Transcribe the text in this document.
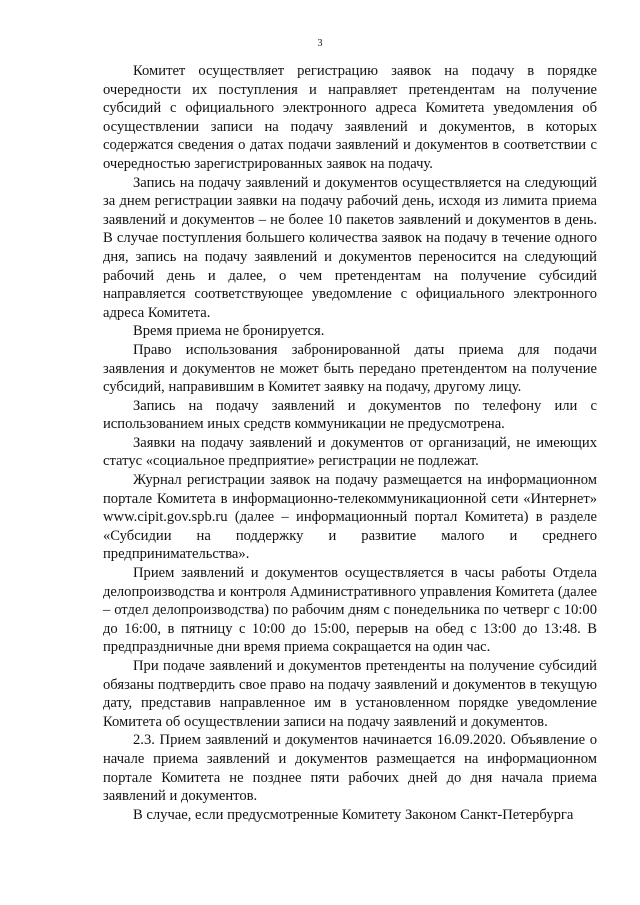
3

Комитет осуществляет регистрацию заявок на подачу в порядке очередности их поступления и направляет претендентам на получение субсидий с официального электронного адреса Комитета уведомления об осуществлении записи на подачу заявлений и документов, в которых содержатся сведения о датах подачи заявлений и документов в соответствии с очередностью зарегистрированных заявок на подачу.

Запись на подачу заявлений и документов осуществляется на следующий за днем регистрации заявки на подачу рабочий день, исходя из лимита приема заявлений и документов – не более 10 пакетов заявлений и документов в день. В случае поступления большего количества заявок на подачу в течение одного дня, запись на подачу заявлений и документов переносится на следующий рабочий день и далее, о чем претендентам на получение субсидий направляется соответствующее уведомление с официального электронного адреса Комитета.

Время приема не бронируется.

Право использования забронированной даты приема для подачи заявления и документов не может быть передано претендентом на получение субсидий, направившим в Комитет заявку на подачу, другому лицу.

Запись на подачу заявлений и документов по телефону или с использованием иных средств коммуникации не предусмотрена.

Заявки на подачу заявлений и документов от организаций, не имеющих статус «социальное предприятие» регистрации не подлежат.

Журнал регистрации заявок на подачу размещается на информационном портале Комитета в информационно-телекоммуникационной сети «Интернет» www.cipit.gov.spb.ru (далее – информационный портал Комитета) в разделе «Субсидии на поддержку и развитие малого и среднего предпринимательства».

Прием заявлений и документов осуществляется в часы работы Отдела делопроизводства и контроля Административного управления Комитета (далее – отдел делопроизводства) по рабочим дням с понедельника по четверг с 10:00 до 16:00, в пятницу с 10:00 до 15:00, перерыв на обед с 13:00 до 13:48. В предпраздничные дни время приема сокращается на один час.

При подаче заявлений и документов претенденты на получение субсидий обязаны подтвердить свое право на подачу заявлений и документов в текущую дату, представив направленное им в установленном порядке уведомление Комитета об осуществлении записи на подачу заявлений и документов.

2.3. Прием заявлений и документов начинается 16.09.2020. Объявление о начале приема заявлений и документов размещается на информационном портале Комитета не позднее пяти рабочих дней до дня начала приема заявлений и документов.

В случае, если предусмотренные Комитету Законом Санкт-Петербурга
